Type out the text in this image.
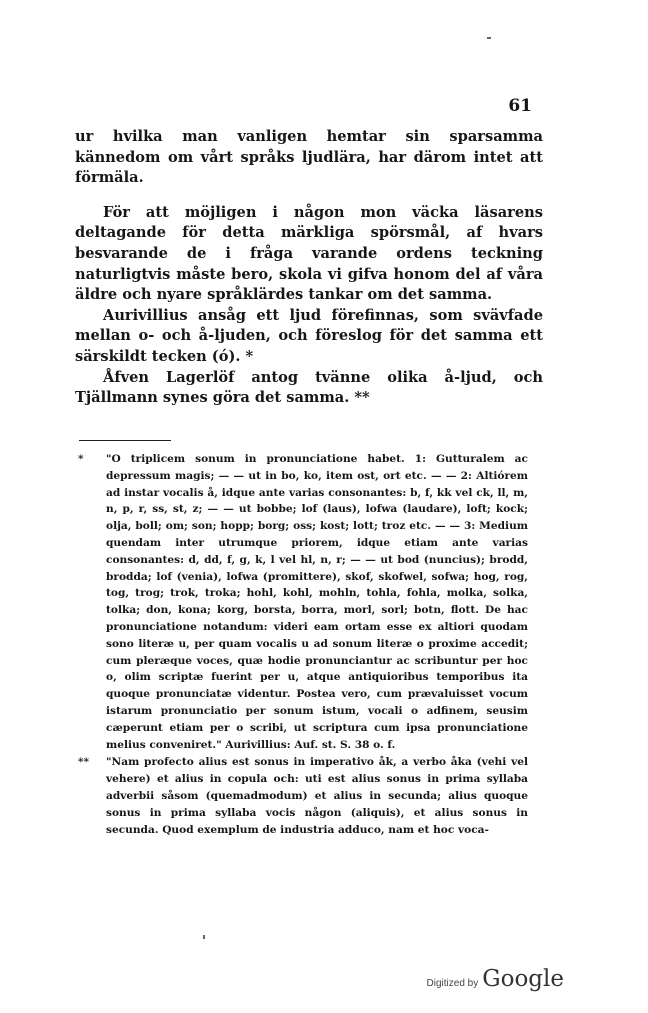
61

ur hvilka man vanligen hemtar sin sparsamma kännedom om vårt språks ljudlära, har därom intet att förmäla.

För att möjligen i någon mon väcka läsarens deltagande för detta märkliga spörsmål, af hvars besvarande de i fråga varande ordens teckning naturligtvis måste bero, skola vi gifva honom del af våra äldre och nyare språklärdes tankar om det samma.

Aurivillius ansåg ett ljud förefinnas, som svävfade mellan o- och å-ljuden, och föreslog för det samma ett särskildt tecken (ó). *

Åfven Lagerlöf antog tvänne olika å-ljud, och Tjällmann synes göra det samma. **

* "O triplicem sonum in pronunciatione habet. 1: Gutturalem ac depressum magis; — — ut in bo, ko, item ost, ort etc. — — 2: Altiórem ad instar vocalis å, idque ante varias consonantes: b, f, kk vel ck, ll, m, n, p, r, ss, st, z; — — ut bobbe; lof (laus), lofwa (laudare), loft; kock; olja, boll; om; son; hopp; borg; oss; kost; lott; troz etc. — — 3: Medium quendam inter utrumque priorem, idque etiam ante varias consonantes: d, dd, f, g, k, l vel hl, n, r; — — ut bod (nuncius); brodd, brodda; lof (venia), lofwa (promittere), skof, skofwel, sofwa; hog, rog, tog, trog; trok, troka; hohl, kohl, mohln, tohla, fohla, molka, solka, tolka; don, kona; korg, borsta, borra, morl, sorl; botn, flott. De hac pronunciatione notandum: videri eam ortam esse ex altiori quodam sono literæ u, per quam vocalis u ad sonum literæ o proxime accedit; cum pleræque voces, quæ hodie pronunciantur ac scribuntur per hoc o, olim scriptæ fuerint per u, atque antiquioribus temporibus ita quoque pronunciatæ videntur. Postea vero, cum prævaluisset vocum istarum pronunciatio per sonum istum, vocali o adfinem, seusim cæperunt etiam per o scribi, ut scriptura cum ipsa pronunciatione melius conveniret." Aurivillius: Auf. st. S. 38 o. f.

** "Nam profecto alius est sonus in imperativo åk, a verbo åka (vehi vel vehere) et alius in copula och: uti est alius sonus in prima syllaba adverbii såsom (quemadmodum) et alius in secunda; alius quoque sonus in prima syllaba vocis någon (aliquis), et alius sonus in secunda. Quod exemplum de industria adduco, nam et hoc voca-

Digitized by Google
